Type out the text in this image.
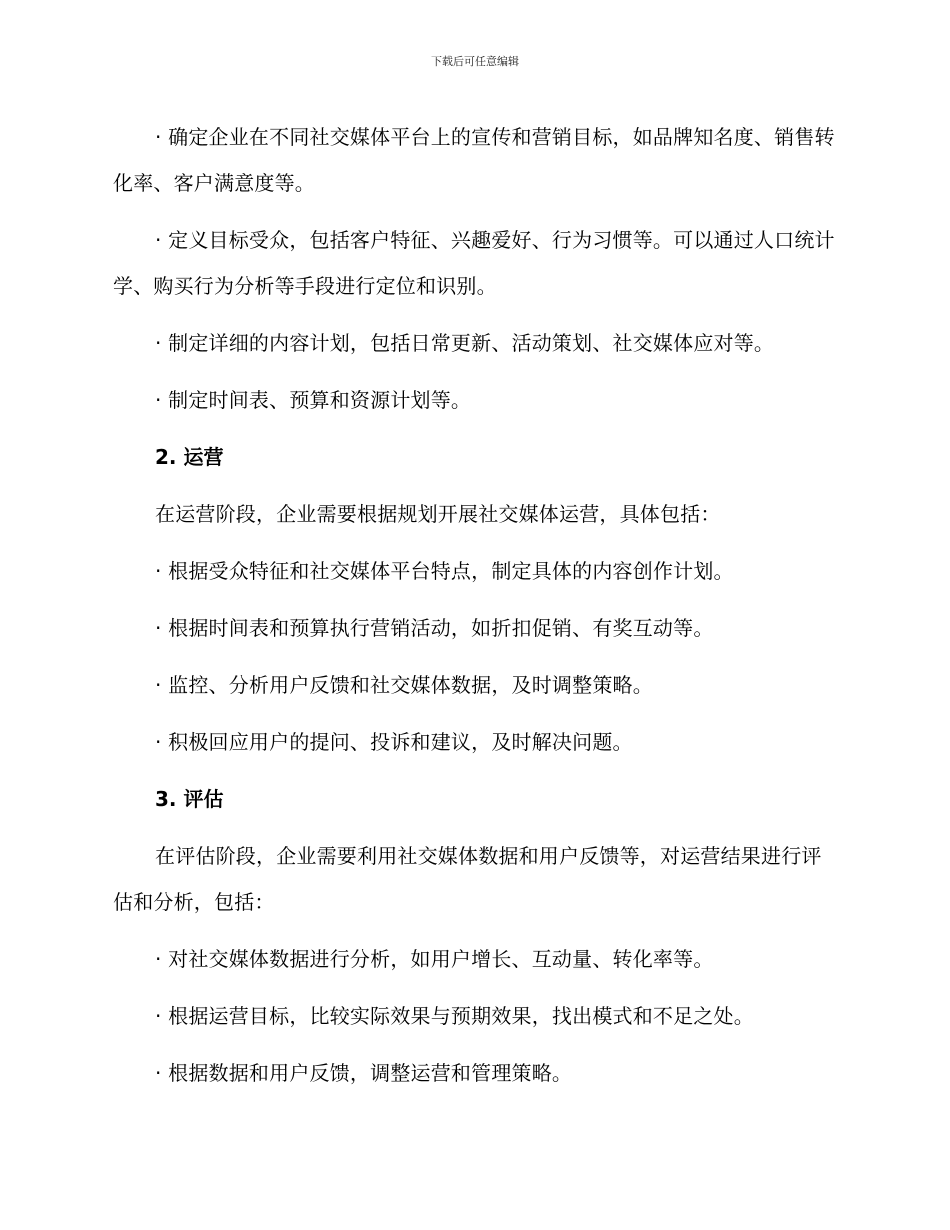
下载后可任意编辑

· 确定企业在不同社交媒体平台上的宣传和营销目标，如品牌知名度、销售转化率、客户满意度等。

· 定义目标受众，包括客户特征、兴趣爱好、行为习惯等。可以通过人口统计学、购买行为分析等手段进行定位和识别。

· 制定详细的内容计划，包括日常更新、活动策划、社交媒体应对等。

· 制定时间表、预算和资源计划等。

2. 运营

在运营阶段，企业需要根据规划开展社交媒体运营，具体包括：

· 根据受众特征和社交媒体平台特点，制定具体的内容创作计划。

· 根据时间表和预算执行营销活动，如折扣促销、有奖互动等。

· 监控、分析用户反馈和社交媒体数据，及时调整策略。

· 积极回应用户的提问、投诉和建议，及时解决问题。

3. 评估

在评估阶段，企业需要利用社交媒体数据和用户反馈等，对运营结果进行评估和分析，包括：

· 对社交媒体数据进行分析，如用户增长、互动量、转化率等。

· 根据运营目标，比较实际效果与预期效果，找出模式和不足之处。

· 根据数据和用户反馈，调整运营和管理策略。
